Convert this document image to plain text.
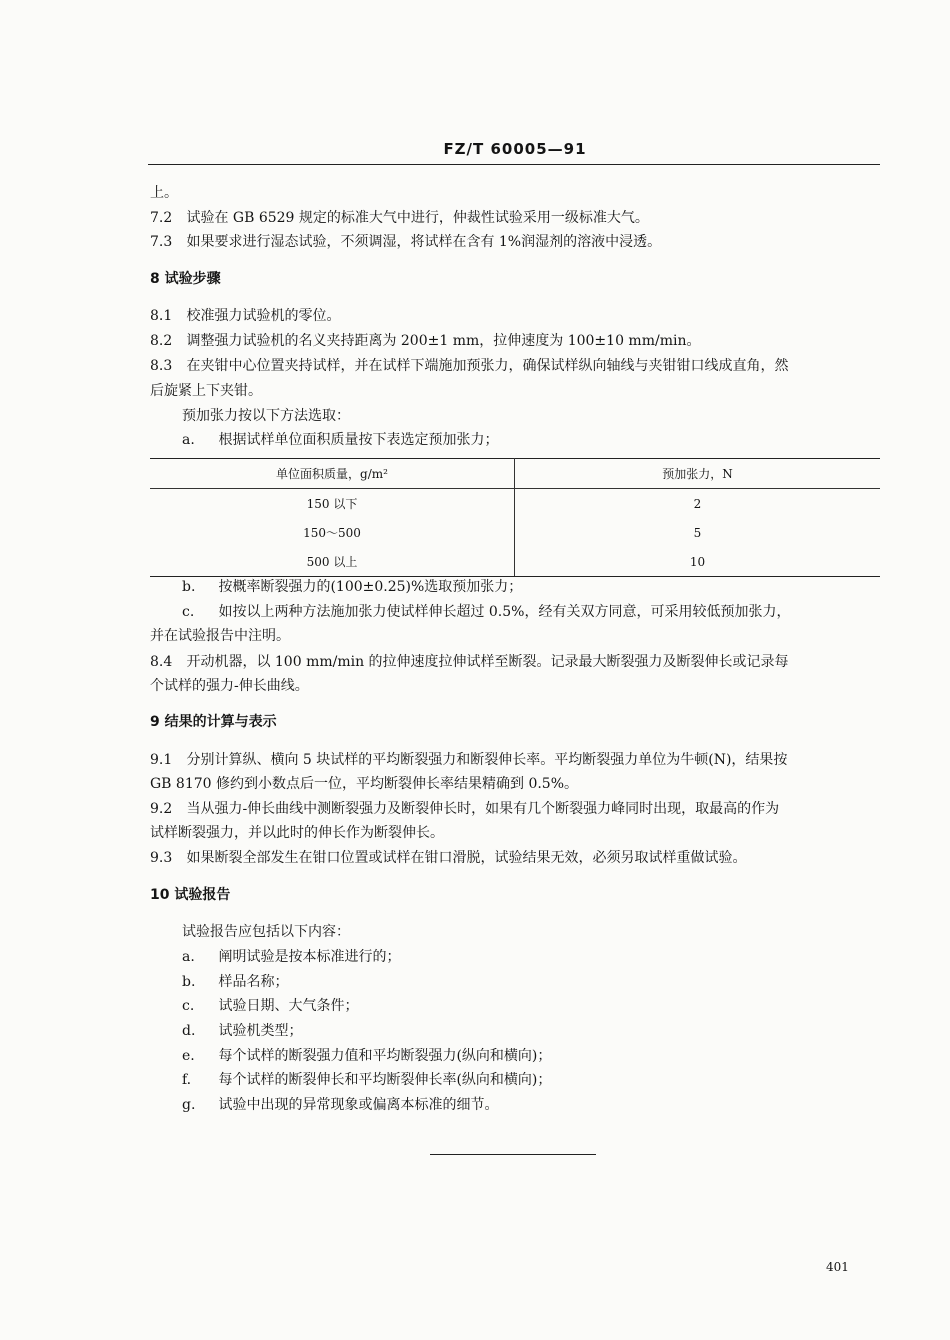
FZ/T 60005—91
上。
7.2 试验在 GB 6529 规定的标准大气中进行，仲裁性试验采用一级标准大气。
7.3 如果要求进行湿态试验，不须调湿，将试样在含有 1%润湿剂的溶液中浸透。
8 试验步骤
8.1 校准强力试验机的零位。
8.2 调整强力试验机的名义夹持距离为 200±1 mm，拉伸速度为 100±10 mm/min。
8.3 在夹钳中心位置夹持试样，并在试样下端施加预张力，确保试样纵向轴线与夹钳钳口线成直角，然
后旋紧上下夹钳。
预加张力按以下方法选取：
a. 根据试样单位面积质量按下表选定预加张力；
单位面积质量，g/m²	预加张力，N
150 以下	2
150～500	5
500 以上	10
b. 按概率断裂强力的(100±0.25)%选取预加张力；
c. 如按以上两种方法施加张力使试样伸长超过 0.5%，经有关双方同意，可采用较低预加张力，
并在试验报告中注明。
8.4 开动机器，以 100 mm/min 的拉伸速度拉伸试样至断裂。记录最大断裂强力及断裂伸长或记录每
个试样的强力-伸长曲线。
9 结果的计算与表示
9.1 分别计算纵、横向 5 块试样的平均断裂强力和断裂伸长率。平均断裂强力单位为牛顿(N)，结果按
GB 8170 修约到小数点后一位，平均断裂伸长率结果精确到 0.5%。
9.2 当从强力-伸长曲线中测断裂强力及断裂伸长时，如果有几个断裂强力峰同时出现，取最高的作为
试样断裂强力，并以此时的伸长作为断裂伸长。
9.3 如果断裂全部发生在钳口位置或试样在钳口滑脱，试验结果无效，必须另取试样重做试验。
10 试验报告
试验报告应包括以下内容：
a. 阐明试验是按本标准进行的；
b. 样品名称；
c. 试验日期、大气条件；
d. 试验机类型；
e. 每个试样的断裂强力值和平均断裂强力(纵向和横向)；
f. 每个试样的断裂伸长和平均断裂伸长率(纵向和横向)；
g. 试验中出现的异常现象或偏离本标准的细节。
401
